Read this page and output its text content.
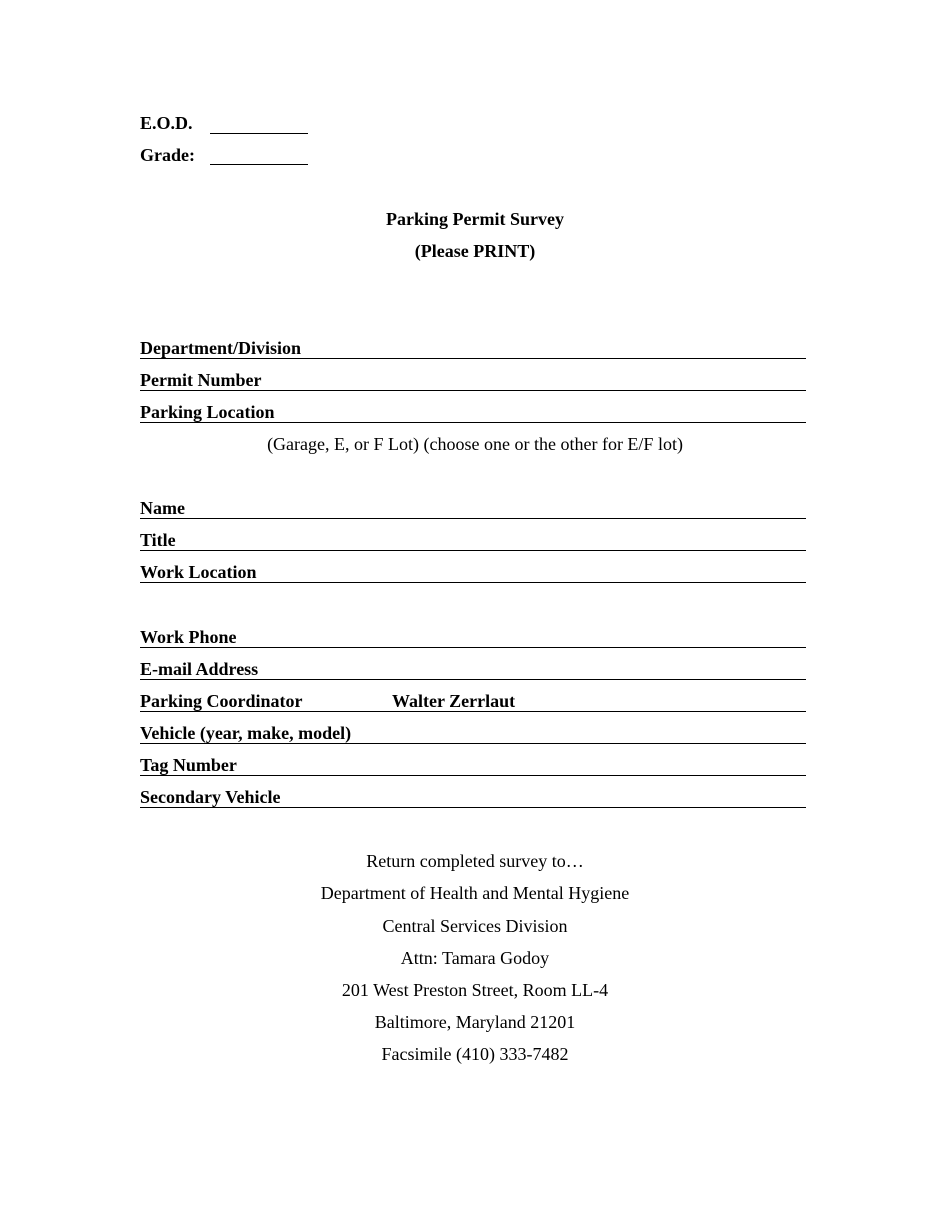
E.O.D.
Grade:
Parking Permit Survey
(Please PRINT)
Department/Division
Permit Number
Parking Location
(Garage, E, or F Lot) (choose one or the other for E/F lot)
Name
Title
Work Location
Work Phone
E-mail Address
Parking Coordinator	Walter Zerrlaut
Vehicle (year, make, model)
Tag Number
Secondary Vehicle
Return completed survey to…
Department of Health and Mental Hygiene
Central Services Division
Attn: Tamara Godoy
201 West Preston Street, Room LL-4
Baltimore, Maryland 21201
Facsimile (410) 333-7482
